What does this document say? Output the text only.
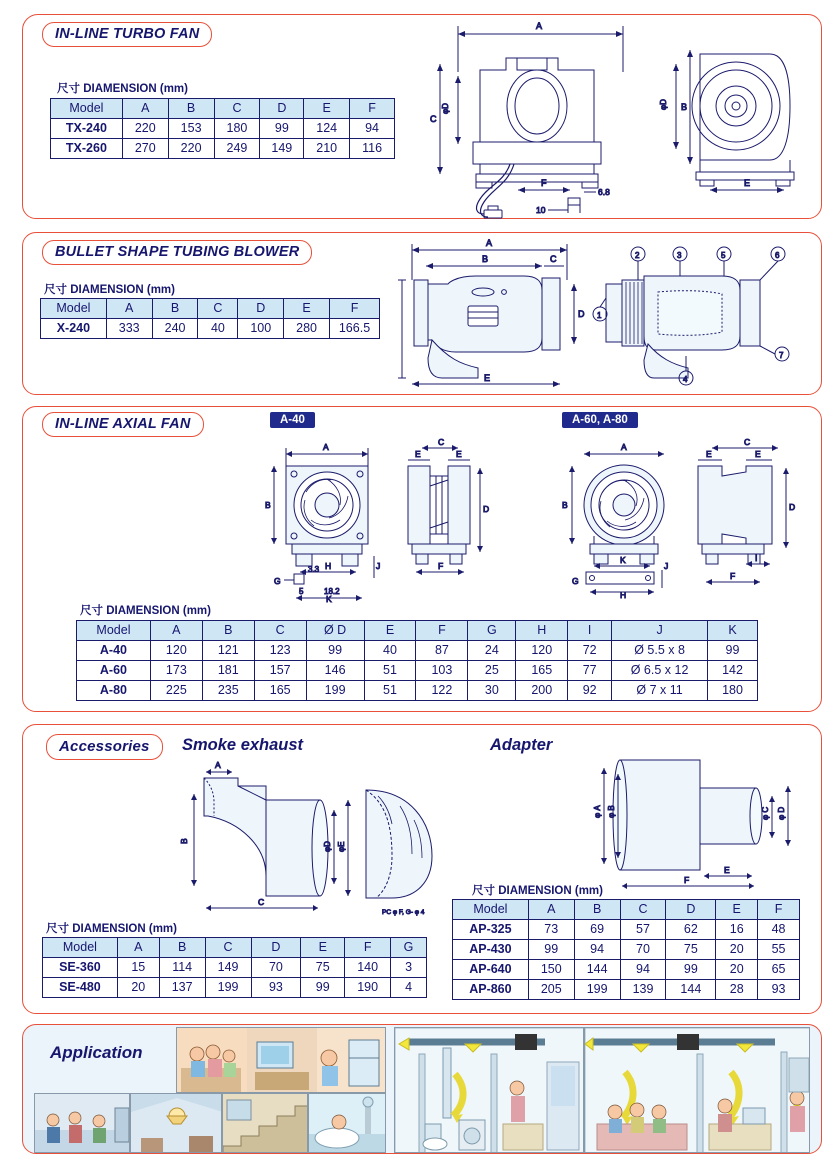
IN-LINE TURBO FAN
尺寸 DIAMENSION (mm)
Model	A	B	C	D	E	F
TX-240	220	153	180	99	124	94
TX-260	270	220	249	149	210	116
A
C
φD
F
6.8
10
φD B
E
BULLET SHAPE TUBING BLOWER
尺寸 DIAMENSION (mm)
Model	A	B	C	D	E	F
X-240	333	240	40	100	280	166.5
A
B	C
D
E
1
2	3	5	6
4
7
IN-LINE AXIAL FAN	A-40	A-60, A-80
A
B
H	J
G
3.3
5	18.2
K
C
E	E
D
F
A
B
G
K
J
H
C
E	E
D
I
F
尺寸 DIAMENSION (mm)
Model	A	B	C	Ø D	E	F	G	H	I	J	K
A-40	120	121	123	99	40	87	24	120	72	Ø 5.5 x 8	99
A-60	173	181	157	146	51	103	25	165	77	Ø 6.5 x 12	142
A-80	225	235	165	199	51	122	30	200	92	Ø 7 x 11	180
Accessories	Smoke exhaust	Adapter
A
B	φD φE
C
PC φ F, G- φ 4
φ A φ B	φ C φ D
E
F
尺寸 DIAMENSION (mm)
Model	A	B	C	D	E	F	G
SE-360	15	114	149	70	75	140	3
SE-480	20	137	199	93	99	190	4
尺寸 DIAMENSION (mm)
Model	A	B	C	D	E	F
AP-325	73	69	57	62	16	48
AP-430	99	94	70	75	20	55
AP-640	150	144	94	99	20	65
AP-860	205	199	139	144	28	93
Application
